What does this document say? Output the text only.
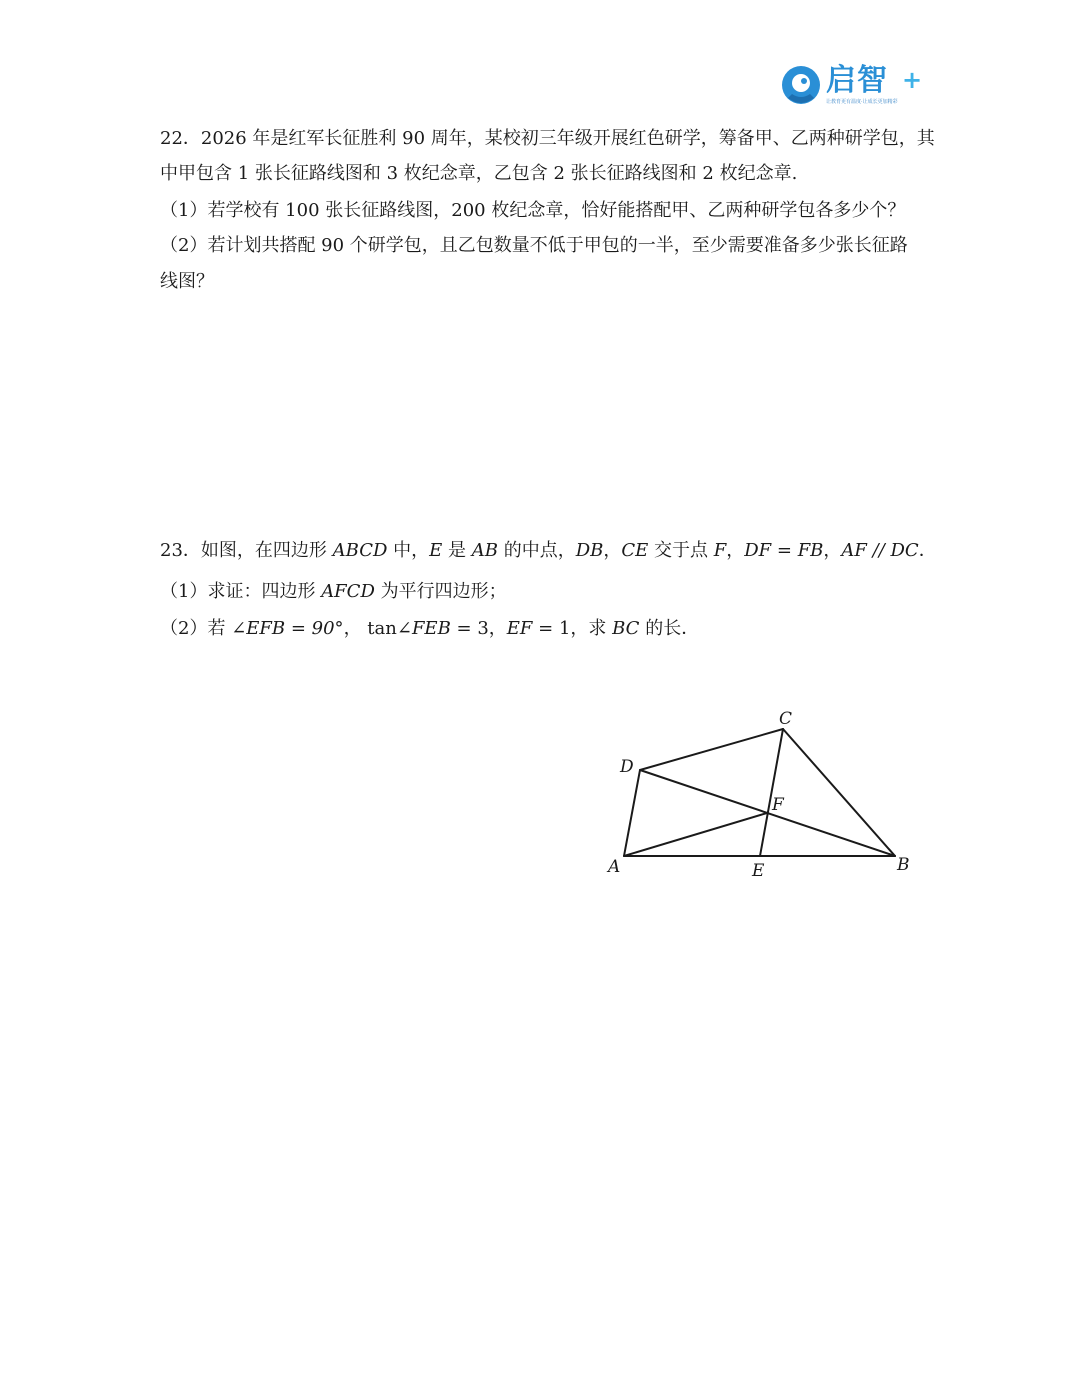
启智 +
让教育更有温度·让成长更加精彩
22．2026 年是红军长征胜利 90 周年，某校初三年级开展红色研学，筹备甲、乙两种研学包，其
中甲包含 1 张长征路线图和 3 枚纪念章，乙包含 2 张长征路线图和 2 枚纪念章.
（1）若学校有 100 张长征路线图，200 枚纪念章，恰好能搭配甲、乙两种研学包各多少个？
（2）若计划共搭配 90 个研学包，且乙包数量不低于甲包的一半，至少需要准备多少张长征路
线图？
23．如图，在四边形 ABCD 中，E 是 AB 的中点，DB，CE 交于点 F，DF = FB，AF // DC．
（1）求证：四边形 AFCD 为平行四边形；
（2）若 ∠EFB = 90°， tan∠FEB = 3，EF = 1，求 BC 的长．
A	B
C
D
E
F
